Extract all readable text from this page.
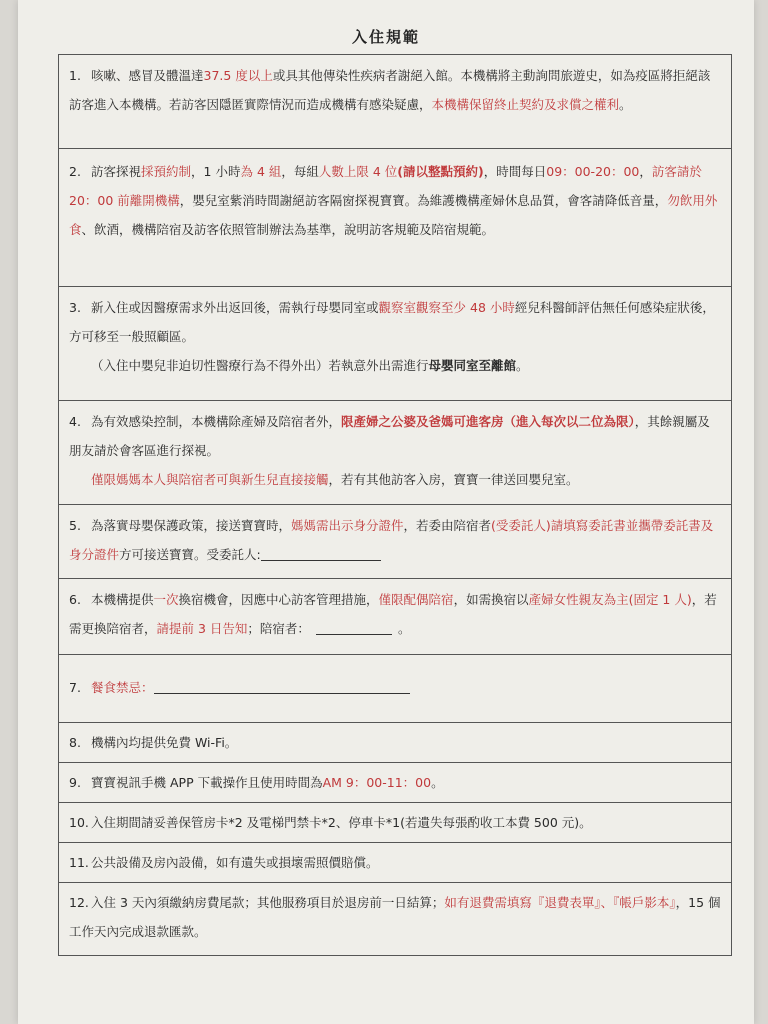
入住規範

1. 咳嗽、感冒及體溫達37.5 度以上或具其他傳染性疾病者謝絕入館。本機構將主動詢問旅遊史，如為疫區將拒絕該訪客進入本機構。若訪客因隱匿實際情況而造成機構有感染疑慮，本機構保留終止契約及求償之權利。

2. 訪客探視採預約制，1 小時為 4 組，每組人數上限 4 位(請以整點預約)，時間每日09：00-20：00，訪客請於 20：00 前離開機構，嬰兒室紫消時間謝絕訪客隔窗探視寶寶。為維護機構產婦休息品質，會客請降低音量，勿飲用外食、飲酒，機構陪宿及訪客依照管制辦法為基準，說明訪客規範及陪宿規範。

3. 新入住或因醫療需求外出返回後，需執行母嬰同室或觀察室觀察至少 48 小時經兒科醫師評估無任何感染症狀後，方可移至一般照顧區。

（入住中嬰兒非迫切性醫療行為不得外出）若執意外出需進行母嬰同室至離館。

4. 為有效感染控制，本機構除產婦及陪宿者外，限產婦之公婆及爸媽可進客房（進入每次以二位為限），其餘親屬及朋友請於會客區進行探視。

僅限媽媽本人與陪宿者可與新生兒直接接觸，若有其他訪客入房，寶寶一律送回嬰兒室。

5. 為落實母嬰保護政策，接送寶寶時，媽媽需出示身分證件，若委由陪宿者(受委託人)請填寫委託書並攜帶委託書及身分證件方可接送寶寶。受委託人:

6. 本機構提供一次換宿機會，因應中心訪客管理措施，僅限配偶陪宿，如需換宿以產婦女性親友為主(固定 1 人)，若需更換陪宿者，請提前 3 日告知；陪宿者：	。

7. 餐食禁忌：

8. 機構內均提供免費 Wi-Fi。

9. 寶寶視訊手機 APP 下載操作且使用時間為AM 9：00-11：00。

10. 入住期間請妥善保管房卡*2 及電梯門禁卡*2、停車卡*1(若遺失每張酌收工本費 500 元)。

11. 公共設備及房內設備，如有遺失或損壞需照價賠償。

12. 入住 3 天內須繳納房費尾款；其他服務項目於退房前一日結算；如有退費需填寫『退費表單』、『帳戶影本』，15 個工作天內完成退款匯款。
